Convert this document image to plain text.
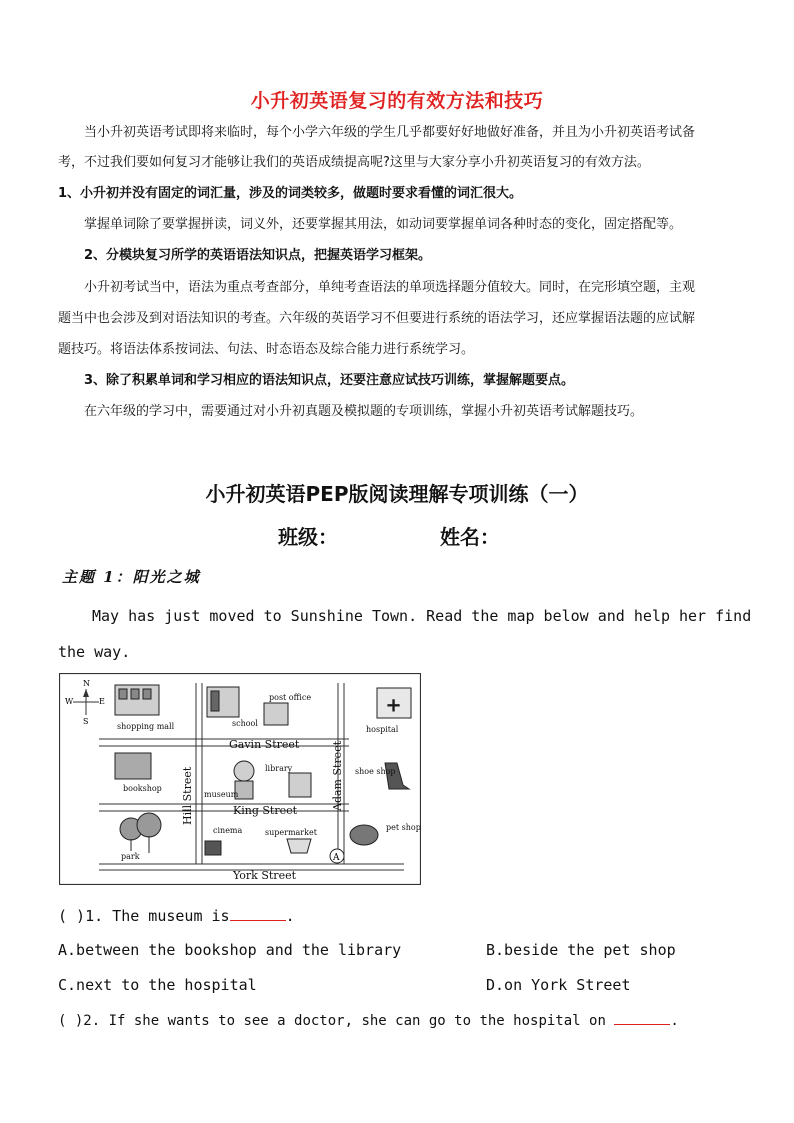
小升初英语复习的有效方法和技巧
当小升初英语考试即将来临时，每个小学六年级的学生几乎都要好好地做好准备，并且为小升初英语考试备
考，不过我们要如何复习才能够让我们的英语成绩提高呢?这里与大家分享小升初英语复习的有效方法。
1、小升初并没有固定的词汇量，涉及的词类较多，做题时要求看懂的词汇很大。
掌握单词除了要掌握拼读，词义外，还要掌握其用法，如动词要掌握单词各种时态的变化，固定搭配等。
2、分模块复习所学的英语语法知识点，把握英语学习框架。
小升初考试当中，语法为重点考查部分，单纯考查语法的单项选择题分值较大。同时，在完形填空题，主观
题当中也会涉及到对语法知识的考查。六年级的英语学习不但要进行系统的语法学习，还应掌握语法题的应试解
题技巧。将语法体系按词法、句法、时态语态及综合能力进行系统学习。
3、除了积累单词和学习相应的语法知识点，还要注意应试技巧训练，掌握解题要点。
在六年级的学习中，需要通过对小升初真题及模拟题的专项训练，掌握小升初英语考试解题技巧。
小升初英语PEP版阅读理解专项训练（一）
班级：	姓名：
主题 1：阳光之城
May has just moved to Sunshine Town. Read the map below and help her find
the way.
N
S
E
W	+
A
shopping mall	school
post office
hospital
bookshop
library
museum
shoe shop
park
cinema	supermarket
pet shop
Gavin Street
King Street
York Street
Hill Street	Adam Street
( )1. The museum is	.
A.between the bookshop and the library	B.beside the pet shop
C.next to the hospital	D.on York Street
( )2. If she wants to see a doctor, she can go to the hospital on	.
